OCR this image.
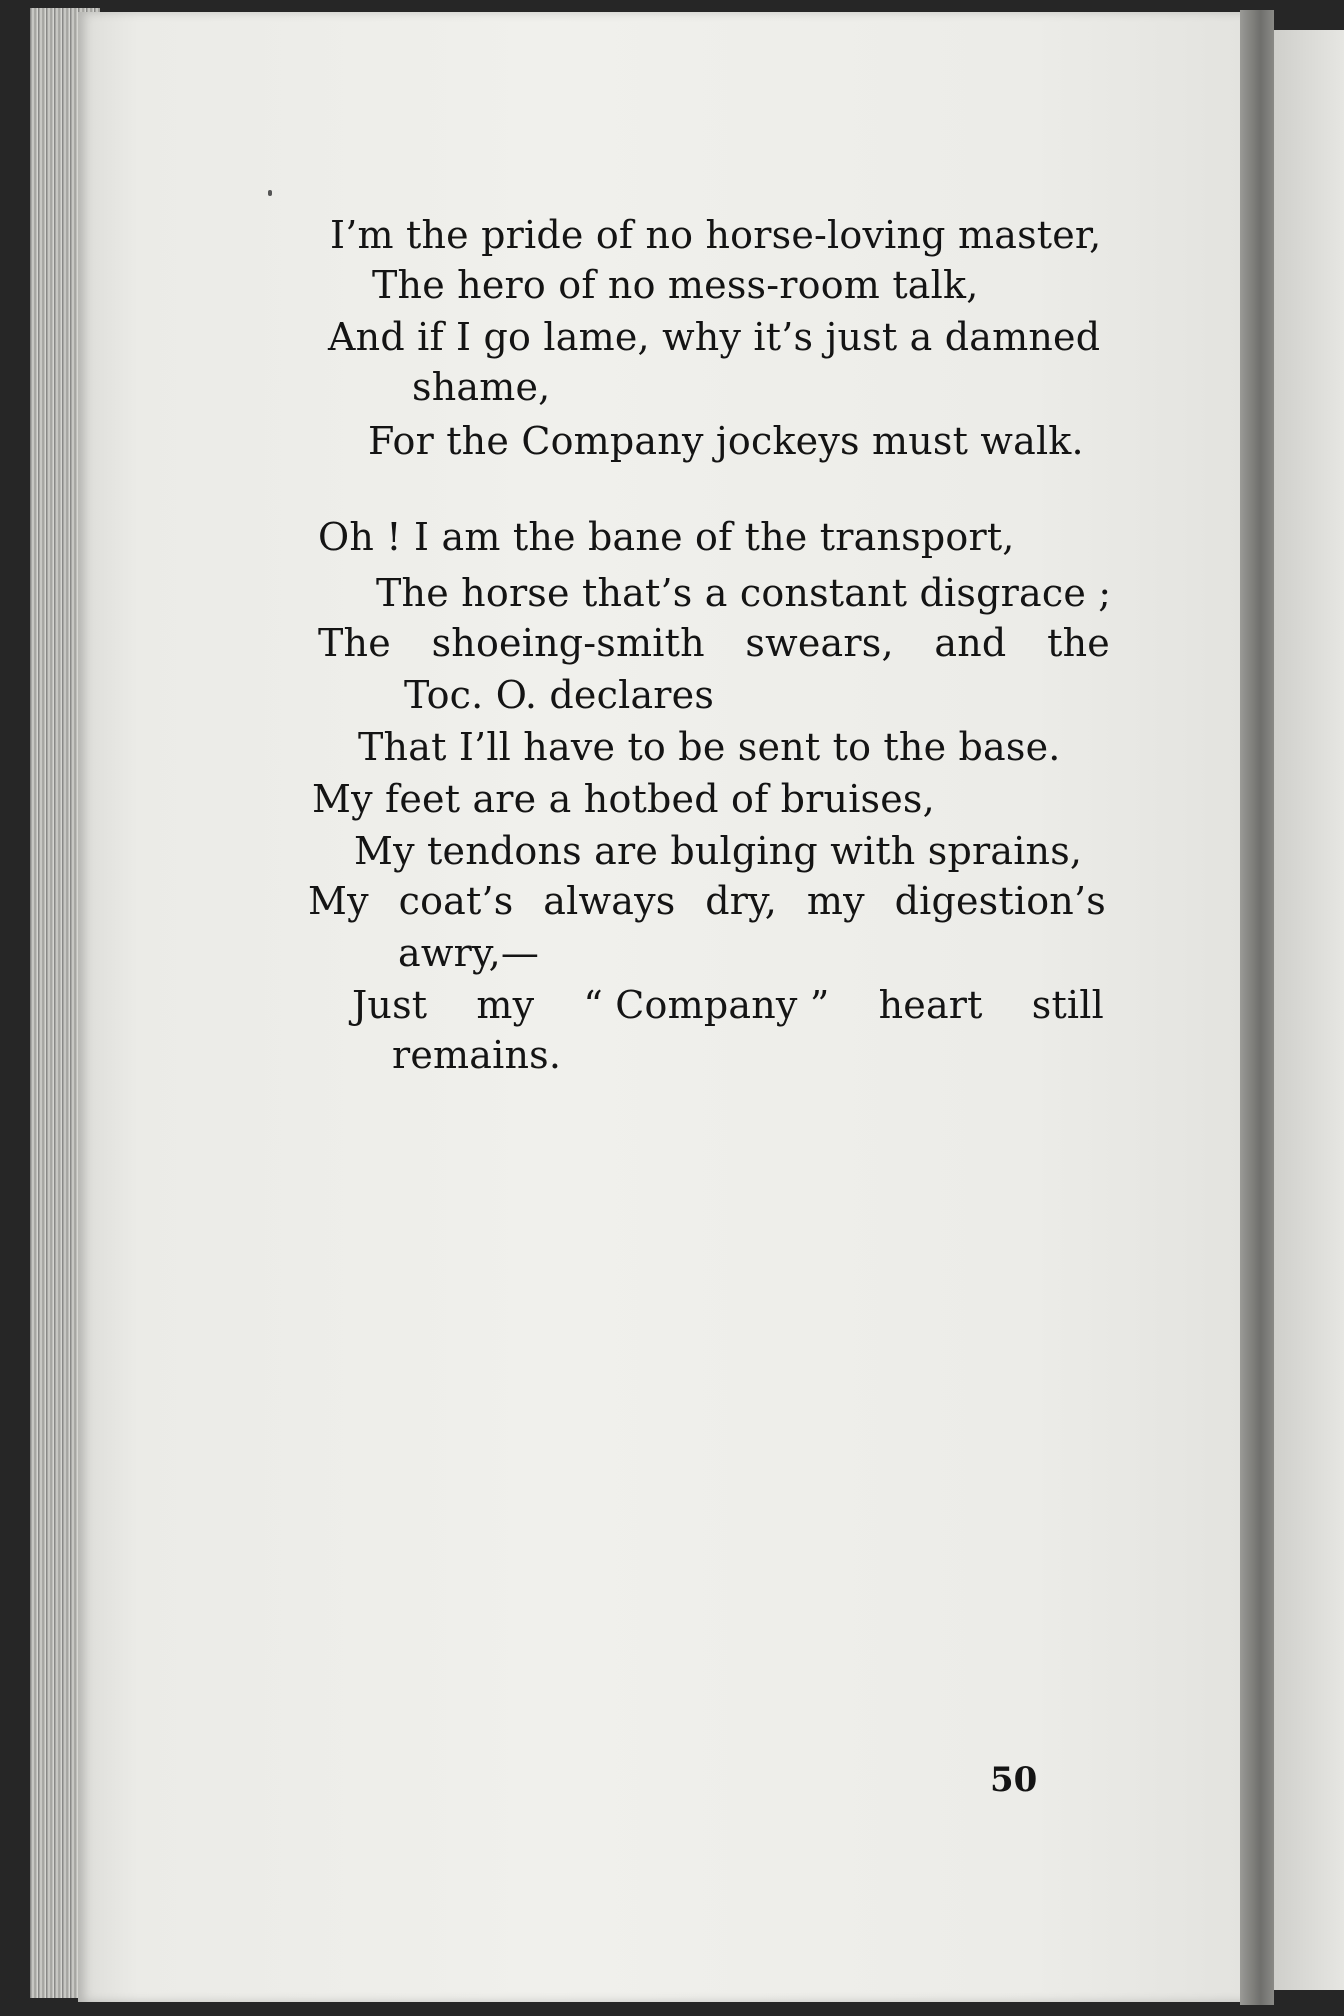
I’m the pride of no horse-loving master,
The hero of no mess-room talk,
And if I go lame, why it’s just a damned
shame,
For the Company jockeys must walk.
Oh ! I am the bane of the transport,
The horse that’s a constant disgrace ;
The shoeing-smith swears, and the
Toc. O. declares
That I’ll have to be sent to the base.
My feet are a hotbed of bruises,
My tendons are bulging with sprains,
My coat’s always dry, my digestion’s
awry,—
Just my “ Company ” heart still
remains.
50
